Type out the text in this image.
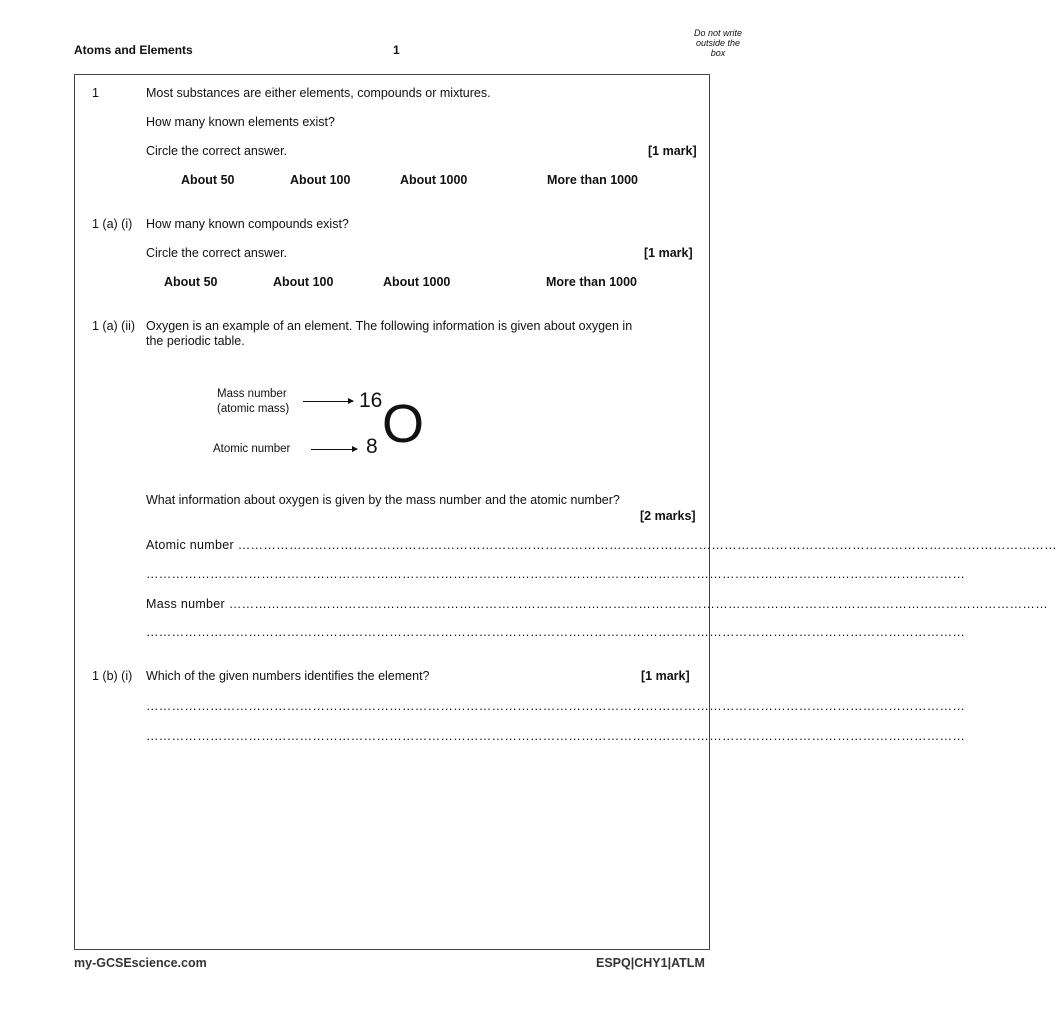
Atoms and Elements	1
Do not write outside the box
1	Most substances are either elements, compounds or mixtures.
How many known elements exist?
Circle the correct answer.	[1 mark]
About 50	About 100	About 1000	More than 1000
1 (a) (i) How many known compounds exist?
Circle the correct answer.	[1 mark]
About 50	About 100	About 1000	More than 1000
1 (a) (ii) Oxygen is an example of an element. The following information is given about oxygen in
the periodic table.
Mass number
(atomic mass)	16 O
Atomic number	8
What information about oxygen is given by the mass number and the atomic number?
[2 marks]
Atomic number …………………………………………………………………………………………………………………………………………………………………………
…………………………………………………………………………………………………………………………………………………………………………
Mass number …………………………………………………………………………………………………………………………………………………………………………
…………………………………………………………………………………………………………………………………………………………………………
1 (b) (i) Which of the given numbers identifies the element?	[1 mark]
…………………………………………………………………………………………………………………………………………………………………………
…………………………………………………………………………………………………………………………………………………………………………
my-GCSEscience.com	ESPQ|CHY1|ATLM
